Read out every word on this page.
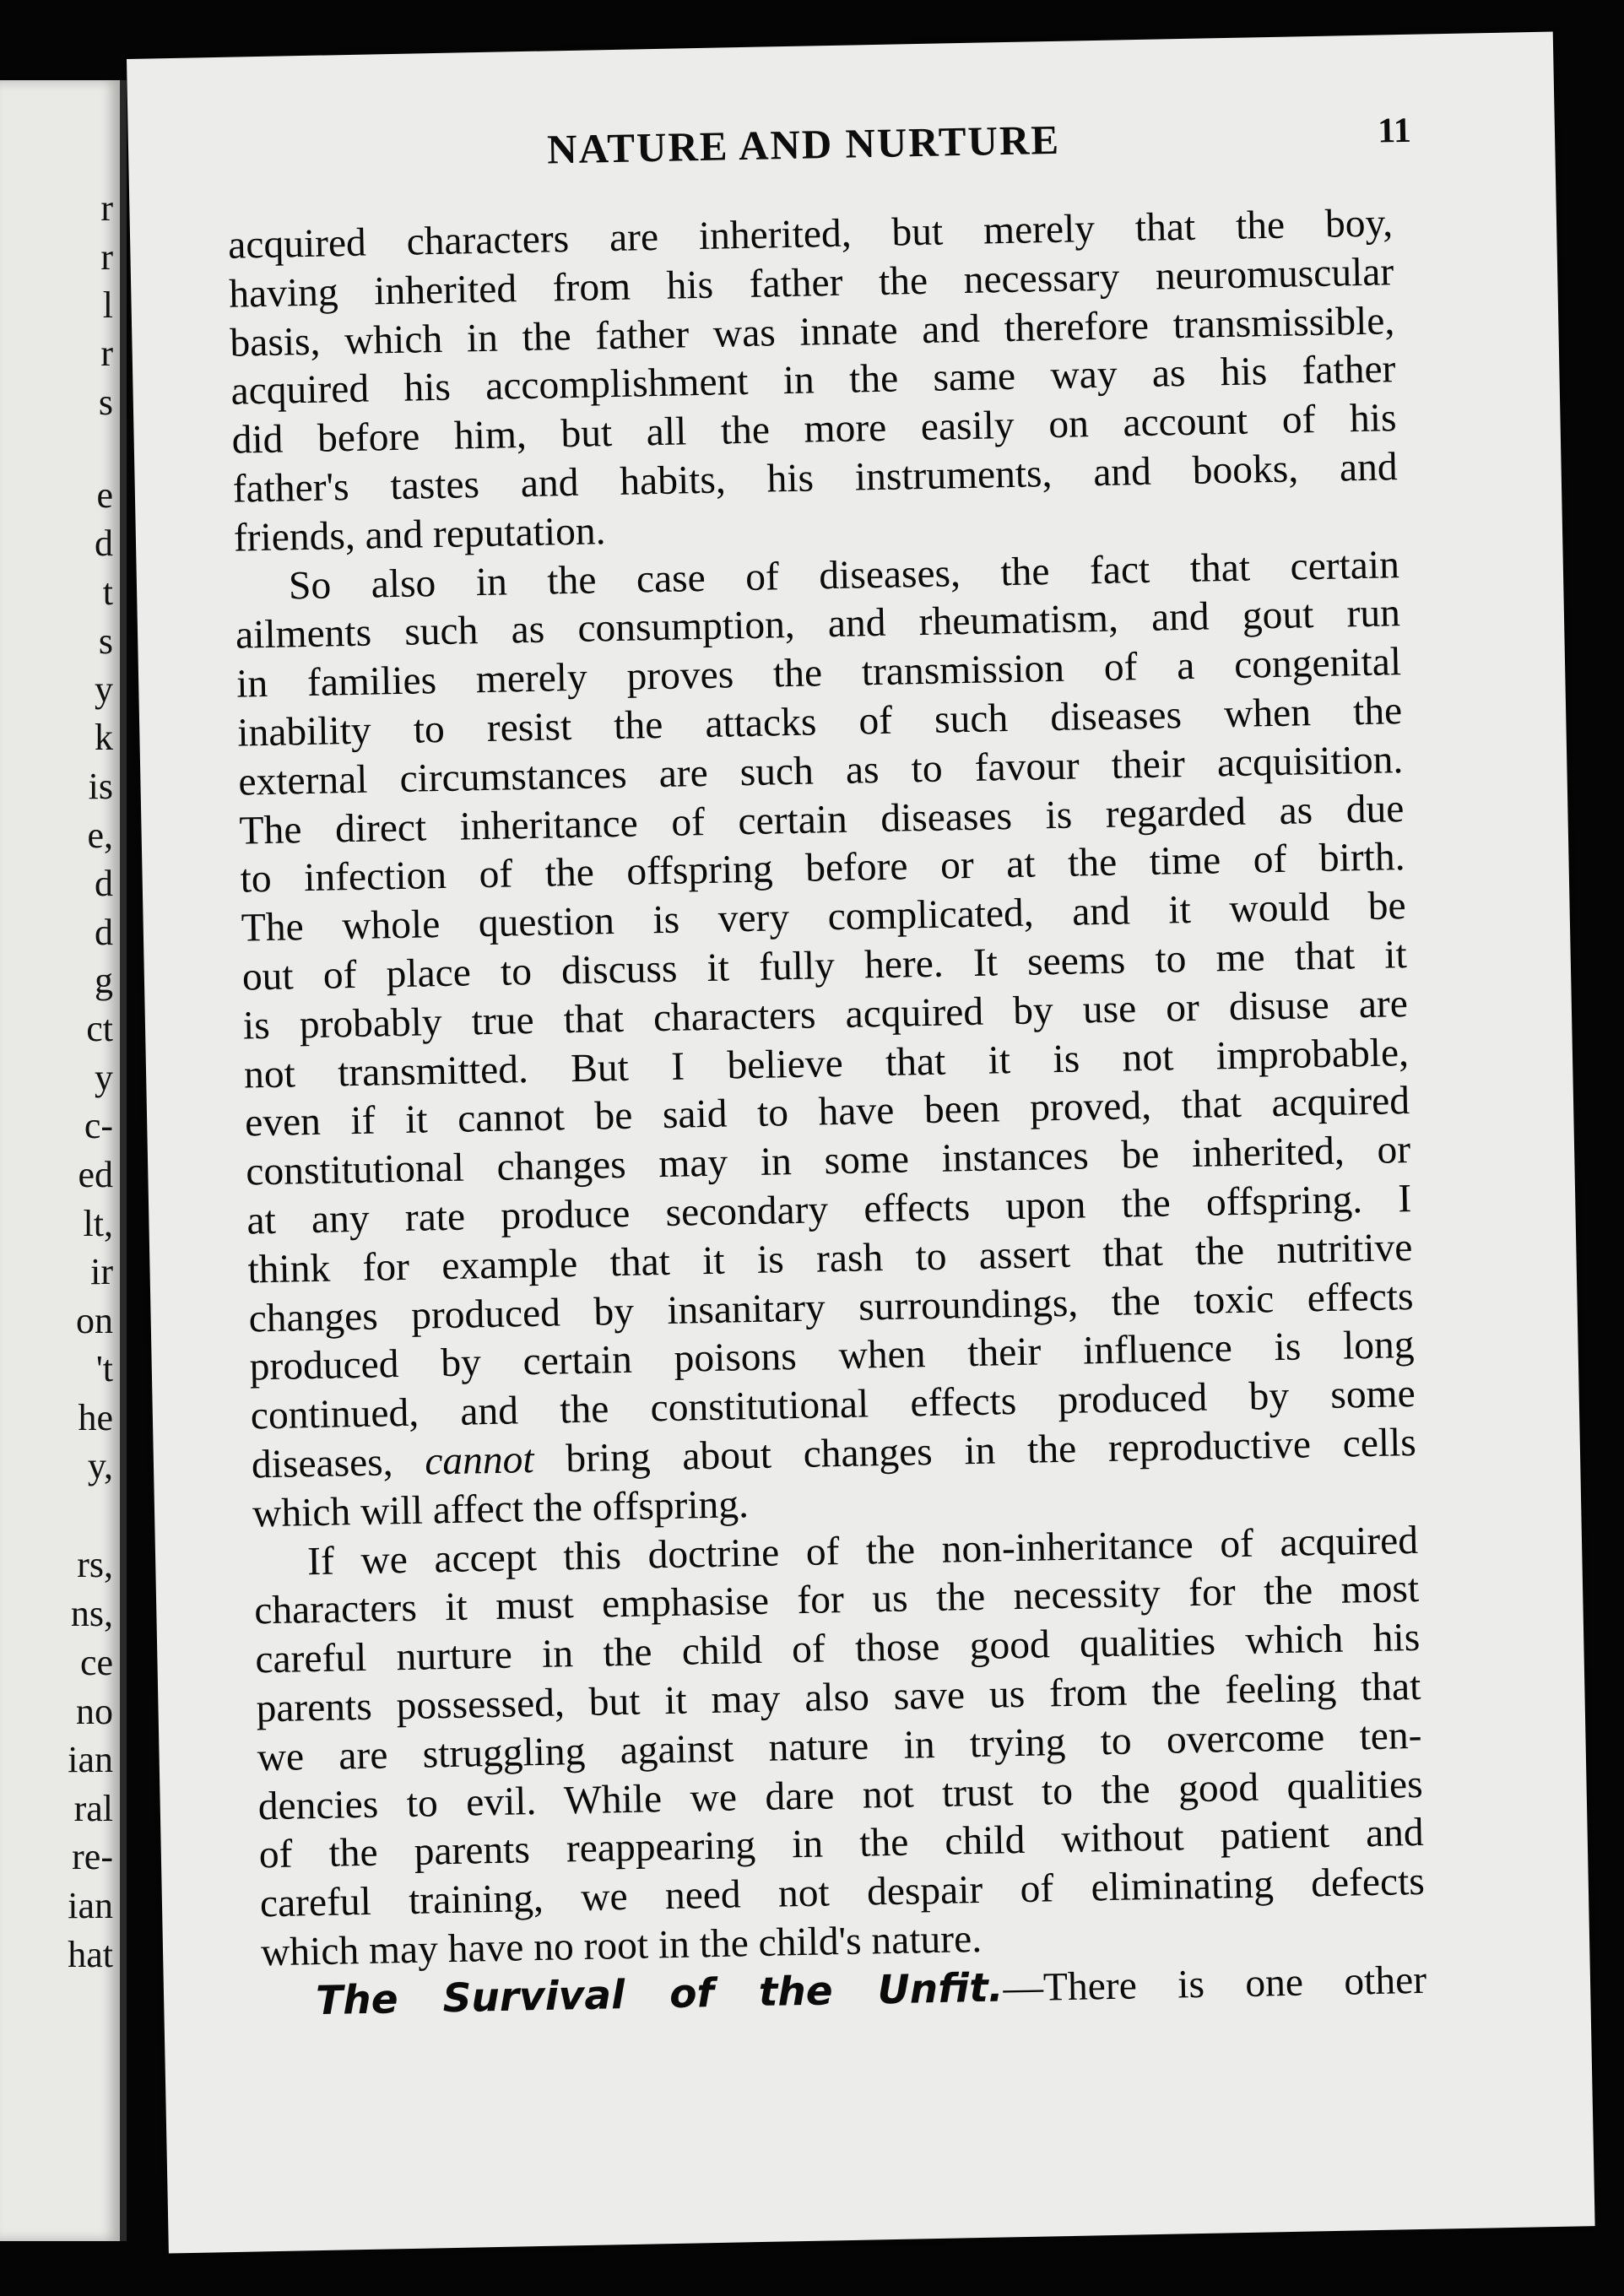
r
r
l
r
s
e
d
t
s
y
k
is
e,
d
d
g
ct
y
c-
ed
lt,
ir
on
't
he
y,
rs,
ns,
ce
no
ian
ral
re-
ian
hat
NATURE AND NURTURE	11
acquired characters are inherited, but merely that the boy,
having inherited from his father the necessary neuromuscular
basis, which in the father was innate and therefore transmissible,
acquired his accomplishment in the same way as his father
did before him, but all the more easily on account of his
father's tastes and habits, his instruments, and books, and
friends, and reputation.
So also in the case of diseases, the fact that certain
ailments such as consumption, and rheumatism, and gout run
in families merely proves the transmission of a congenital
inability to resist the attacks of such diseases when the
external circumstances are such as to favour their acquisition.
The direct inheritance of certain diseases is regarded as due
to infection of the offspring before or at the time of birth.
The whole question is very complicated, and it would be
out of place to discuss it fully here. It seems to me that it
is probably true that characters acquired by use or disuse are
not transmitted. But I believe that it is not improbable,
even if it cannot be said to have been proved, that acquired
constitutional changes may in some instances be inherited, or
at any rate produce secondary effects upon the offspring. I
think for example that it is rash to assert that the nutritive
changes produced by insanitary surroundings, the toxic effects
produced by certain poisons when their influence is long
continued, and the constitutional effects produced by some
diseases, cannot bring about changes in the reproductive cells
which will affect the offspring.
If we accept this doctrine of the non-inheritance of acquired
characters it must emphasise for us the necessity for the most
careful nurture in the child of those good qualities which his
parents possessed, but it may also save us from the feeling that
we are struggling against nature in trying to overcome ten-
dencies to evil. While we dare not trust to the good qualities
of the parents reappearing in the child without patient and
careful training, we need not despair of eliminating defects
which may have no root in the child's nature.
The Survival of the Unfit.—There is one other
